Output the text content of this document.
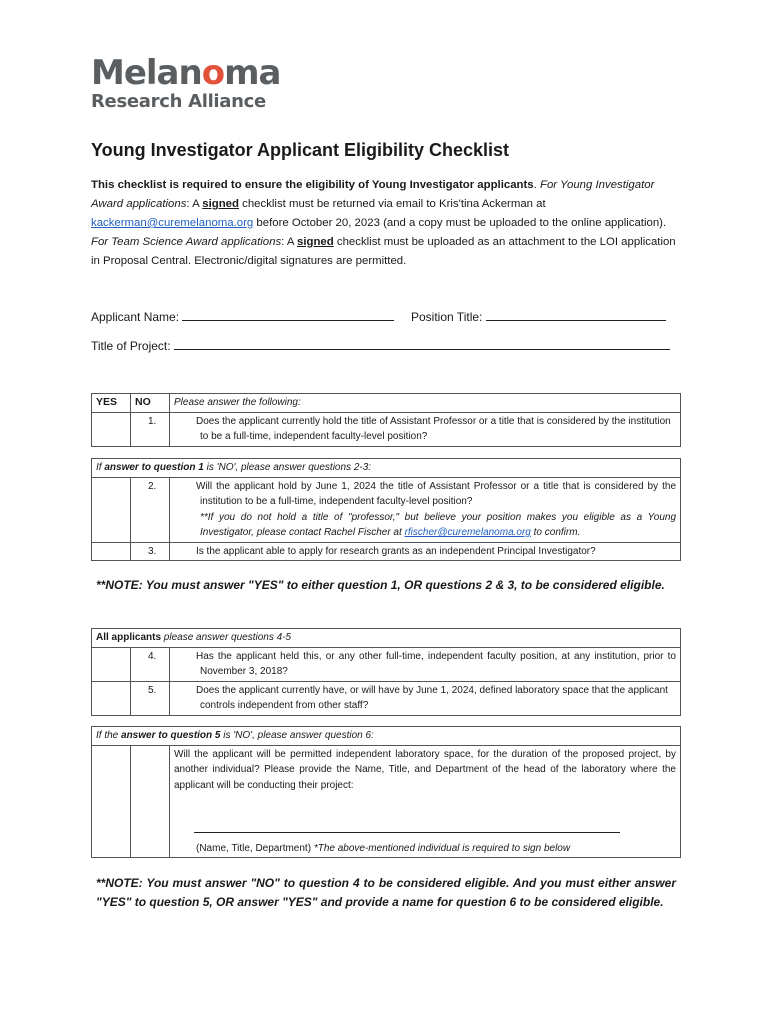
Melanoma
Research Alliance
Young Investigator Applicant Eligibility Checklist
This checklist is required to ensure the eligibility of Young Investigator applicants. For Young Investigator Award applications: A signed checklist must be returned via email to Kris'tina Ackerman at kackerman@curemelanoma.org before October 20, 2023 (and a copy must be uploaded to the online application). For Team Science Award applications: A signed checklist must be uploaded as an attachment to the LOI application in Proposal Central. Electronic/digital signatures are permitted.
Applicant Name:	Position Title:
Title of Project:
YES	NO	Please answer the following:

		1. Does the applicant currently hold the title of Assistant Professor or a title that is considered by the institution to be a full-time, independent faculty-level position?
If answer to question 1 is 'NO', please answer questions 2-3:		

		2. Will the applicant hold by June 1, 2024 the title of Assistant Professor or a title that is considered by the institution to be a full-time, independent faculty-level position?
**If you do not hold a title of "professor," but believe your position makes you eligible as a Young Investigator, please contact Rachel Fischer at rfischer@curemelanoma.org to confirm.

		3. Is the applicant able to apply for research grants as an independent Principal Investigator?
**NOTE: You must answer "YES" to either question 1, OR questions 2 & 3, to be considered eligible.
All applicants please answer questions 4-5		

		4. Has the applicant held this, or any other full-time, independent faculty position, at any institution, prior to November 3, 2018?

		5. Does the applicant currently have, or will have by June 1, 2024, defined laboratory space that the applicant controls independent from other staff?
If the answer to question 5 is 'NO', please answer question 6:

Will the applicant will be permitted independent laboratory space, for the duration of the proposed project, by another individual? Please provide the Name, Title, and Department of the head of the laboratory where the applicant will be conducting their project:
(Name, Title, Department) *The above-mentioned individual is required to sign below
**NOTE: You must answer "NO" to question 4 to be considered eligible. And you must either answer "YES" to question 5, OR answer "YES" and provide a name for question 6 to be considered eligible.
